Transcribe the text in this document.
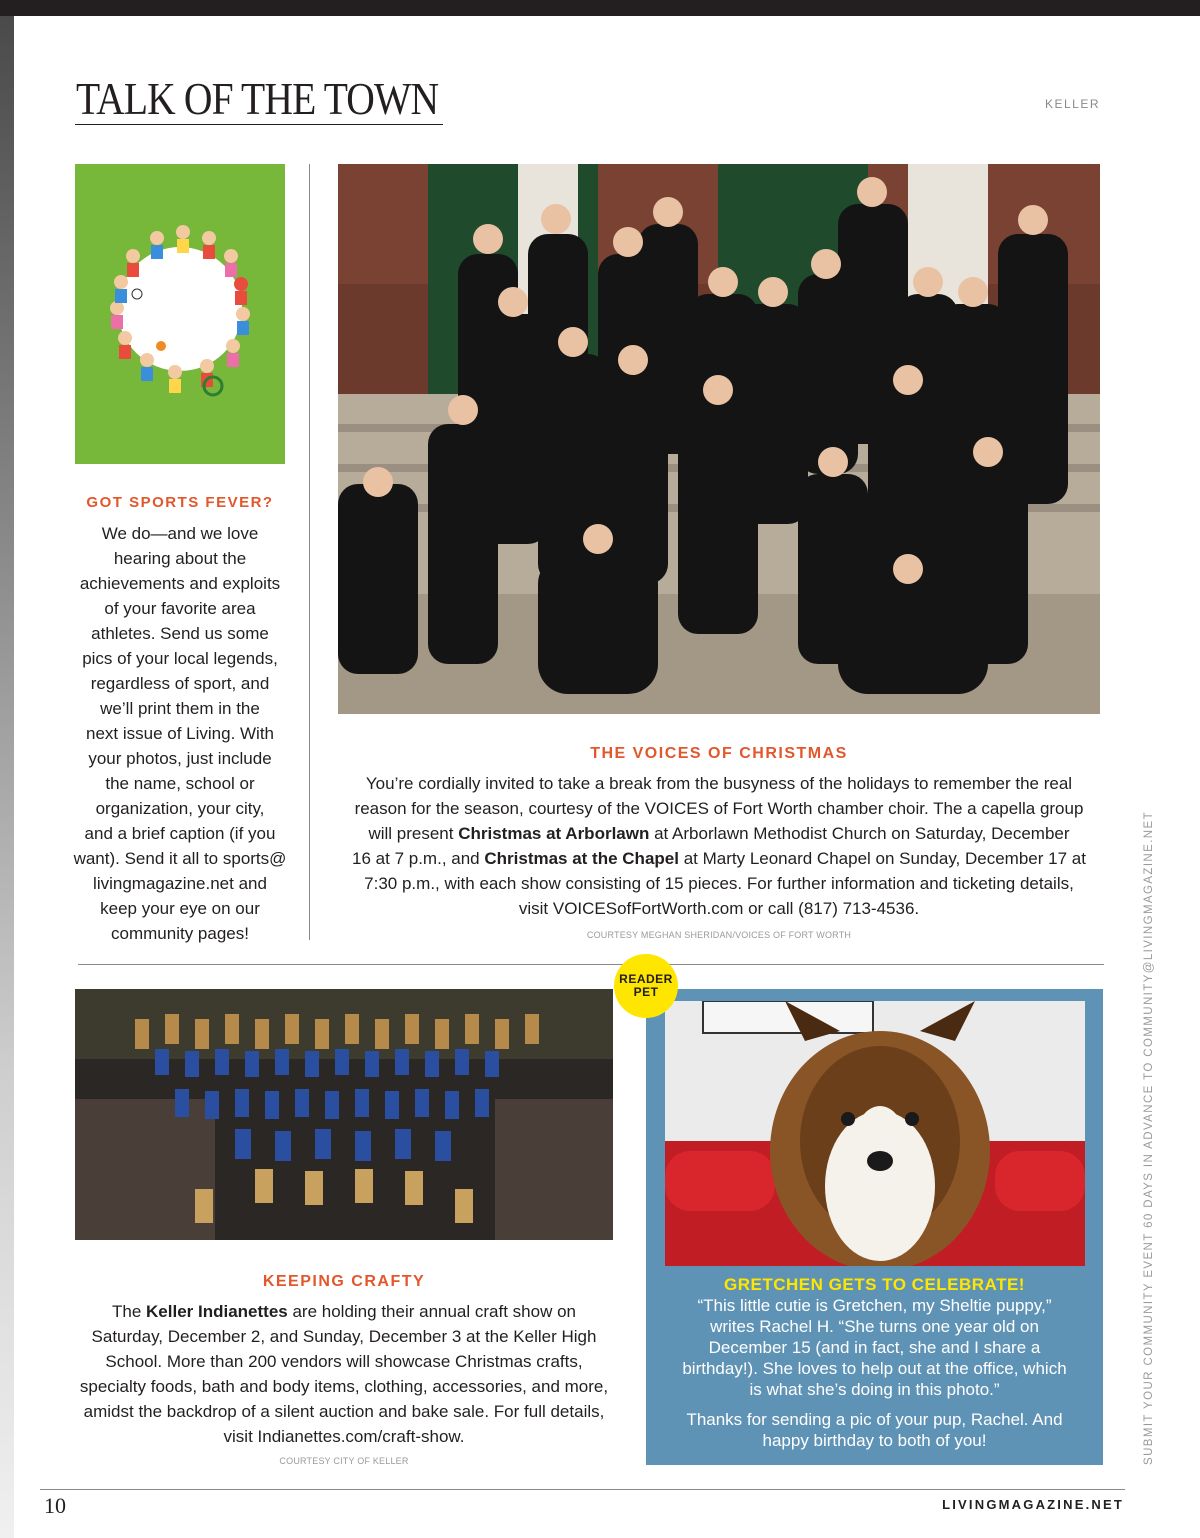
TALK OF THE TOWN	KELLER
GOT SPORTS FEVER?
We do—and we love
hearing about the
achievements and exploits
of your favorite area
athletes. Send us some
pics of your local legends,
regardless of sport, and
we’ll print them in the
next issue of Living. With
your photos, just include
the name, school or
organization, your city,
and a brief caption (if you
want). Send it all to sports@
livingmagazine.net and
keep your eye on our
community pages!
THE VOICES OF CHRISTMAS
You’re cordially invited to take a break from the busyness of the holidays to remember the real
reason for the season, courtesy of the VOICES of Fort Worth chamber choir. The a capella group
will present Christmas at Arborlawn at Arborlawn Methodist Church on Saturday, December
16 at 7 p.m., and Christmas at the Chapel at Marty Leonard Chapel on Sunday, December 17 at
7:30 p.m., with each show consisting of 15 pieces. For further information and ticketing details,
visit VOICESofFortWorth.com or call (817) 713-4536.
COURTESY MEGHAN SHERIDAN/VOICES OF FORT WORTH
READER
PET
KEEPING CRAFTY
The Keller Indianettes are holding their annual craft show on
Saturday, December 2, and Sunday, December 3 at the Keller High
School. More than 200 vendors will showcase Christmas crafts,
specialty foods, bath and body items, clothing, accessories, and more,
amidst the backdrop of a silent auction and bake sale. For full details,
visit Indianettes.com/craft-show.
COURTESY CITY OF KELLER
GRETCHEN GETS TO CELEBRATE!
“This little cutie is Gretchen, my Sheltie puppy,”
writes Rachel H. “She turns one year old on
December 15 (and in fact, she and I share a
birthday!). She loves to help out at the office, which
is what she’s doing in this photo.”
Thanks for sending a pic of your pup, Rachel. And
happy birthday to both of you!	SUBMIT YOUR COMMUNITY EVENT 60 DAYS IN ADVANCE TO COMMUNITY@LIVINGMAGAZINE.NET
10	LIVINGMAGAZINE.NET
